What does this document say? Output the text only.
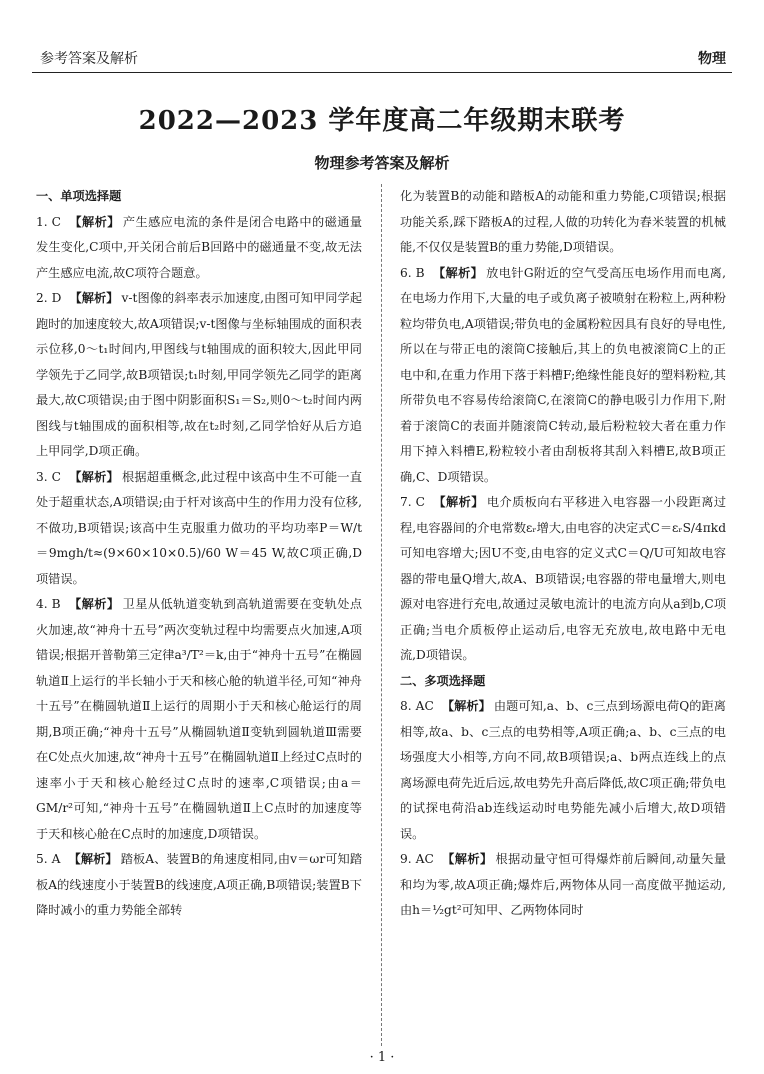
参考答案及解析	物理
2022—2023 学年度高二年级期末联考
物理参考答案及解析
一、单项选择题

1. C 【解析】 产生感应电流的条件是闭合电路中的磁通量发生变化,C项中,开关闭合前后B回路中的磁通量不变,故无法产生感应电流,故C项符合题意。

2. D 【解析】 v-t图像的斜率表示加速度,由图可知甲同学起跑时的加速度较大,故A项错误;v-t图像与坐标轴围成的面积表示位移,0～t₁时间内,甲图线与t轴围成的面积较大,因此甲同学领先于乙同学,故B项错误;t₁时刻,甲同学领先乙同学的距离最大,故C项错误;由于图中阴影面积S₁＝S₂,则0～t₂时间内两图线与t轴围成的面积相等,故在t₂时刻,乙同学恰好从后方追上甲同学,D项正确。

3. C 【解析】 根据超重概念,此过程中该高中生不可能一直处于超重状态,A项错误;由于杆对该高中生的作用力没有位移,不做功,B项错误;该高中生克服重力做功的平均功率P＝W/t＝9mgh/t≈(9×60×10×0.5)/60 W＝45 W,故C项正确,D项错误。

4. B 【解析】 卫星从低轨道变轨到高轨道需要在变轨处点火加速,故“神舟十五号”两次变轨过程中均需要点火加速,A项错误;根据开普勒第三定律a³/T²＝k,由于“神舟十五号”在椭圆轨道Ⅱ上运行的半长轴小于天和核心舱的轨道半径,可知“神舟十五号”在椭圆轨道Ⅱ上运行的周期小于天和核心舱运行的周期,B项正确;“神舟十五号”从椭圆轨道Ⅱ变轨到圆轨道Ⅲ需要在C处点火加速,故“神舟十五号”在椭圆轨道Ⅱ上经过C点时的速率小于天和核心舱经过C点时的速率,C项错误;由a＝GM/r²可知,“神舟十五号”在椭圆轨道Ⅱ上C点时的加速度等于天和核心舱在C点时的加速度,D项错误。

5. A 【解析】 踏板A、装置B的角速度相同,由v＝ωr可知踏板A的线速度小于装置B的线速度,A项正确,B项错误;装置B下降时减小的重力势能全部转

化为装置B的动能和踏板A的动能和重力势能,C项错误;根据功能关系,踩下踏板A的过程,人做的功转化为舂米装置的机械能,不仅仅是装置B的重力势能,D项错误。

6. B 【解析】 放电针G附近的空气受高压电场作用而电离,在电场力作用下,大量的电子或负离子被喷射在粉粒上,两种粉粒均带负电,A项错误;带负电的金属粉粒因具有良好的导电性,所以在与带正电的滚筒C接触后,其上的负电被滚筒C上的正电中和,在重力作用下落于料槽F;绝缘性能良好的塑料粉粒,其所带负电不容易传给滚筒C,在滚筒C的静电吸引力作用下,附着于滚筒C的表面并随滚筒C转动,最后粉粒较大者在重力作用下掉入料槽E,粉粒较小者由刮板将其刮入料槽E,故B项正确,C、D项错误。

7. C 【解析】 电介质板向右平移进入电容器一小段距离过程,电容器间的介电常数εᵣ增大,由电容的决定式C＝εᵣS/4πkd可知电容增大;因U不变,由电容的定义式C＝Q/U可知故电容器的带电量Q增大,故A、B项错误;电容器的带电量增大,则电源对电容进行充电,故通过灵敏电流计的电流方向从a到b,C项正确;当电介质板停止运动后,电容无充放电,故电路中无电流,D项错误。

二、多项选择题

8. AC 【解析】 由题可知,a、b、c三点到场源电荷Q的距离相等,故a、b、c三点的电势相等,A项正确;a、b、c三点的电场强度大小相等,方向不同,故B项错误;a、b两点连线上的点离场源电荷先近后远,故电势先升高后降低,故C项正确;带负电的试探电荷沿ab连线运动时电势能先减小后增大,故D项错误。

9. AC 【解析】 根据动量守恒可得爆炸前后瞬间,动量矢量和均为零,故A项正确;爆炸后,两物体从同一高度做平抛运动,由h＝½gt²可知甲、乙两物体同时

· 1 ·
